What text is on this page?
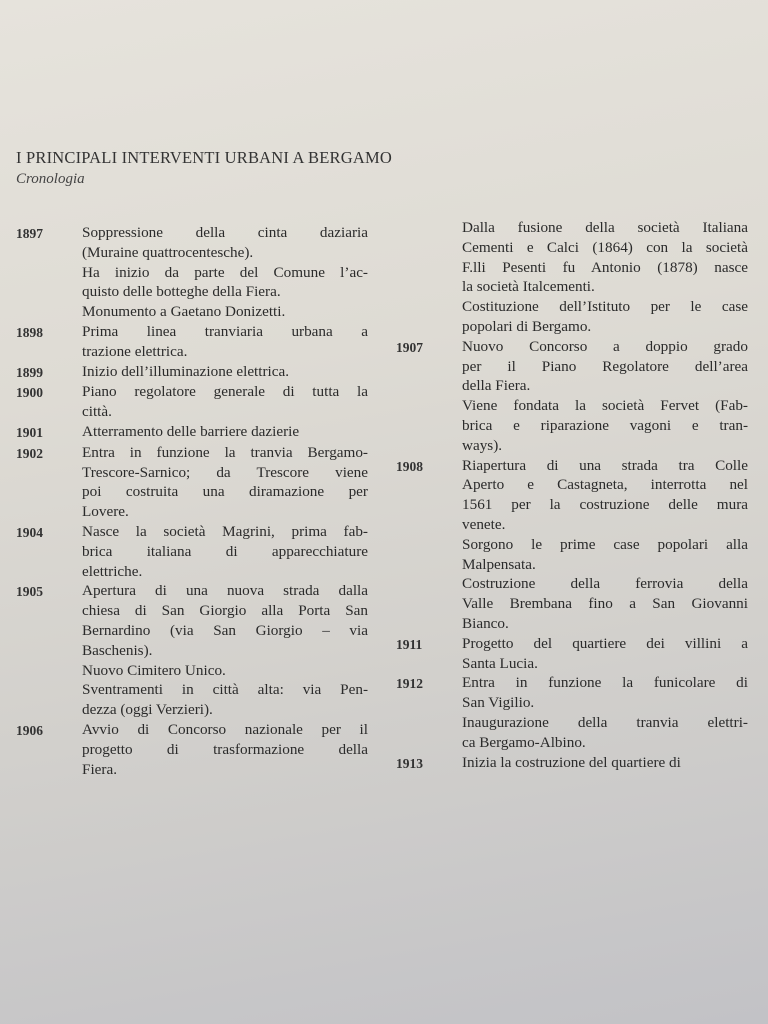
I PRINCIPALI INTERVENTI URBANI A BERGAMO
Cronologia
1897	Soppressione della cinta daziaria
(Muraine quattrocentesche).
Ha inizio da parte del Comune l’ac-
quisto delle botteghe della Fiera.
Monumento a Gaetano Donizetti.
1898	Prima linea tranviaria urbana a
trazione elettrica.
1899	Inizio dell’illuminazione elettrica.
1900	Piano regolatore generale di tutta la
città.
1901	Atterramento delle barriere dazierie
1902	Entra in funzione la tranvia Bergamo-
Trescore-Sarnico; da Trescore viene
poi costruita una diramazione per
Lovere.
1904	Nasce la società Magrini, prima fab-
brica italiana di apparecchiature
elettriche.
1905	Apertura di una nuova strada dalla
chiesa di San Giorgio alla Porta San
Bernardino (via San Giorgio – via
Baschenis).
Nuovo Cimitero Unico.
Sventramenti in città alta: via Pen-
dezza (oggi Verzieri).
1906	Avvio di Concorso nazionale per il
progetto di trasformazione della
Fiera.
Dalla fusione della società Italiana
Cementi e Calci (1864) con la società
F.lli Pesenti fu Antonio (1878) nasce
la società Italcementi.
Costituzione dell’Istituto per le case
popolari di Bergamo.
1907	Nuovo Concorso a doppio grado
per il Piano Regolatore dell’area
della Fiera.
Viene fondata la società Fervet (Fab-
brica e riparazione vagoni e tran-
ways).
1908	Riapertura di una strada tra Colle
Aperto e Castagneta, interrotta nel
1561 per la costruzione delle mura
venete.
Sorgono le prime case popolari alla
Malpensata.
Costruzione della ferrovia della
Valle Brembana fino a San Giovanni
Bianco.
1911	Progetto del quartiere dei villini a
Santa Lucia.
1912	Entra in funzione la funicolare di
San Vigilio.
Inaugurazione della tranvia elettri-
ca Bergamo-Albino.
1913	Inizia la costruzione del quartiere di
